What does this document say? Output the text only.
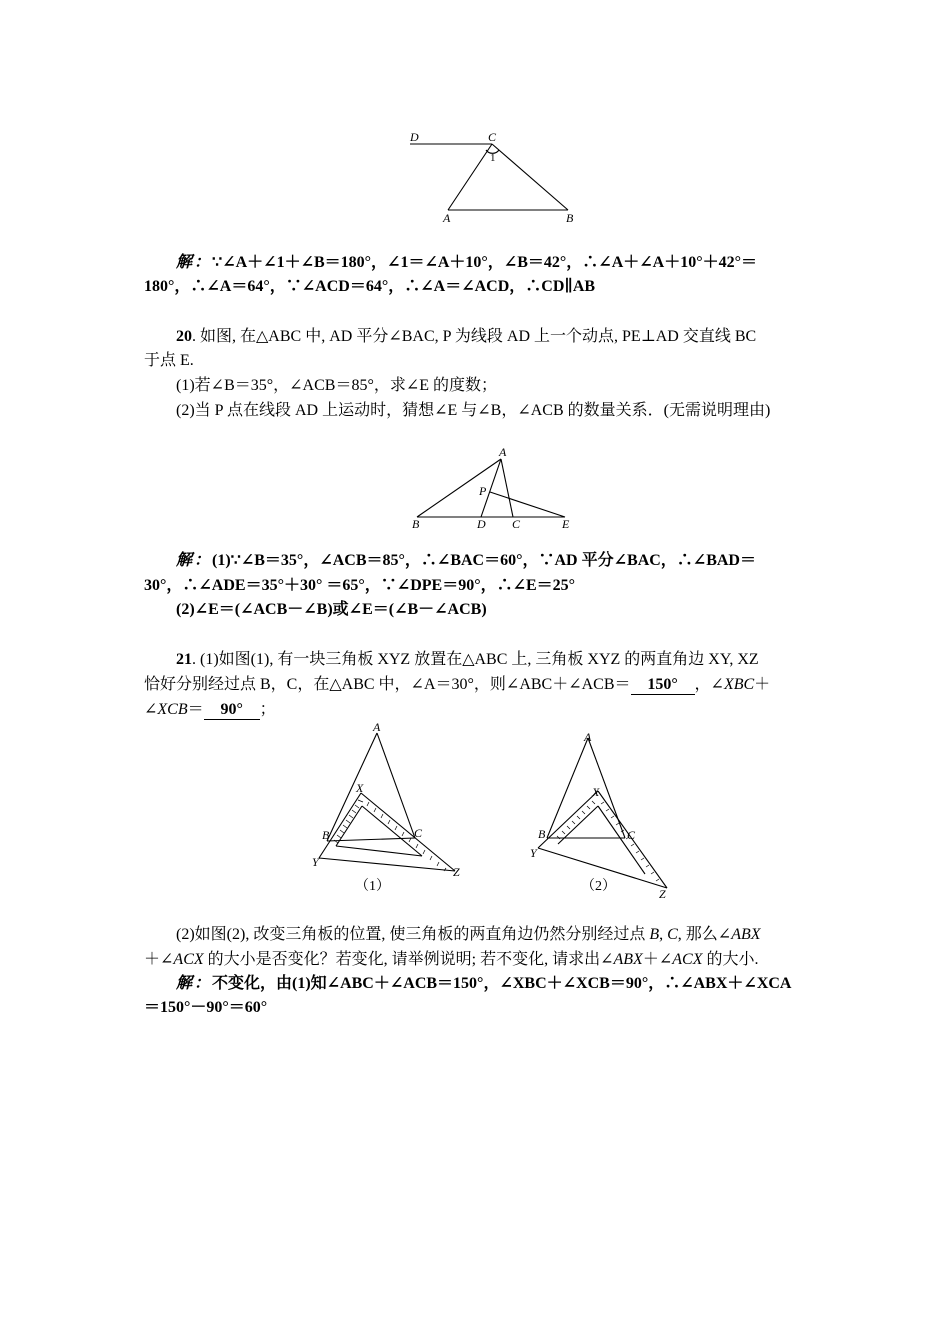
D	C
1
A	B
解：∵∠A＋∠1＋∠B＝180°，∠1＝∠A＋10°，∠B＝42°，∴∠A＋∠A＋10°＋42°＝
180°，∴∠A＝64°，∵∠ACD＝64°，∴∠A＝∠ACD，∴CD∥AB
20. 如图, 在△ABC 中, AD 平分∠BAC, P 为线段 AD 上一个动点, PE⊥AD 交直线 BC
于点 E.
(1)若∠B＝35°，∠ACB＝85°，求∠E 的度数；
(2)当 P 点在线段 AD 上运动时，猜想∠E 与∠B，∠ACB 的数量关系．(无需说明理由)
A
P
B	D C	E
解：(1)∵∠B＝35°，∠ACB＝85°，∴∠BAC＝60°，∵AD 平分∠BAC，∴∠BAD＝
30°，∴∠ADE＝35°＋30° ＝65°，∵∠DPE＝90°，∴∠E＝25°
(2)∠E＝(∠ACB－∠B)或∠E＝(∠B－∠ACB)
21. (1)如图(1), 有一块三角板 XYZ 放置在△ABC 上, 三角板 XYZ 的两直角边 XY, XZ
恰好分别经过点 B，C，在△ABC 中，∠A＝30°，则∠ABC＋∠ACB＝ 150° ，∠XBC＋
∠XCB＝ 90° ；
A
X
B	C
Y
Z
（1）
A
X
B	C
Y
Z
（2）
(2)如图(2), 改变三角板的位置, 使三角板的两直角边仍然分别经过点 B, C, 那么∠ABX
＋∠ACX 的大小是否变化？若变化, 请举例说明; 若不变化, 请求出∠ABX＋∠ACX 的大小.
解：不变化，由(1)知∠ABC＋∠ACB＝150°，∠XBC＋∠XCB＝90°，∴∠ABX＋∠XCA
＝150°－90°＝60°
